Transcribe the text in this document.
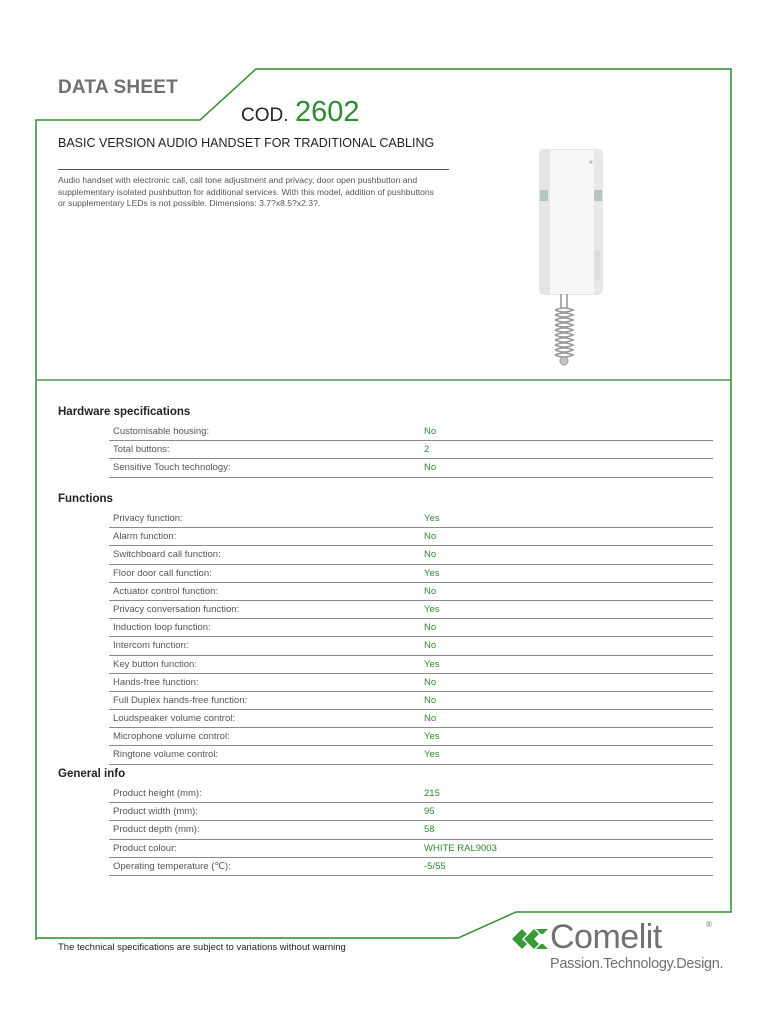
DATA SHEET
COD. 2602
BASIC VERSION AUDIO HANDSET FOR TRADITIONAL CABLING
Audio handset with electronic call, call tone adjustment and privacy, door open pushbutton and supplementary isolated pushbutton for additional services. With this model, addition of pushbuttons or supplementary LEDs is not possible. Dimensions: 3.7?x8.5?x2.3?.
Hardware specifications
Customisable housing:	No
Total buttons:	2
Sensitive Touch technology:	No
Functions
Privacy function:	Yes
Alarm function:	No
Switchboard call function:	No
Floor door call function:	Yes
Actuator control function:	No
Privacy conversation function:	Yes
Induction loop function:	No
Intercom function:	No
Key button function:	Yes
Hands-free function:	No
Full Duplex hands-free function:	No
Loudspeaker volume control:	No
Microphone volume control:	Yes
Ringtone volume control:	Yes
General info
Product height (mm):	215
Product width (mm):	95
Product depth (mm):	58
Product colour:	WHITE RAL9003
Operating temperature (℃):	-5/55
The technical specifications are subject to variations without warning	Comelit	®
Passion.Technology.Design.
